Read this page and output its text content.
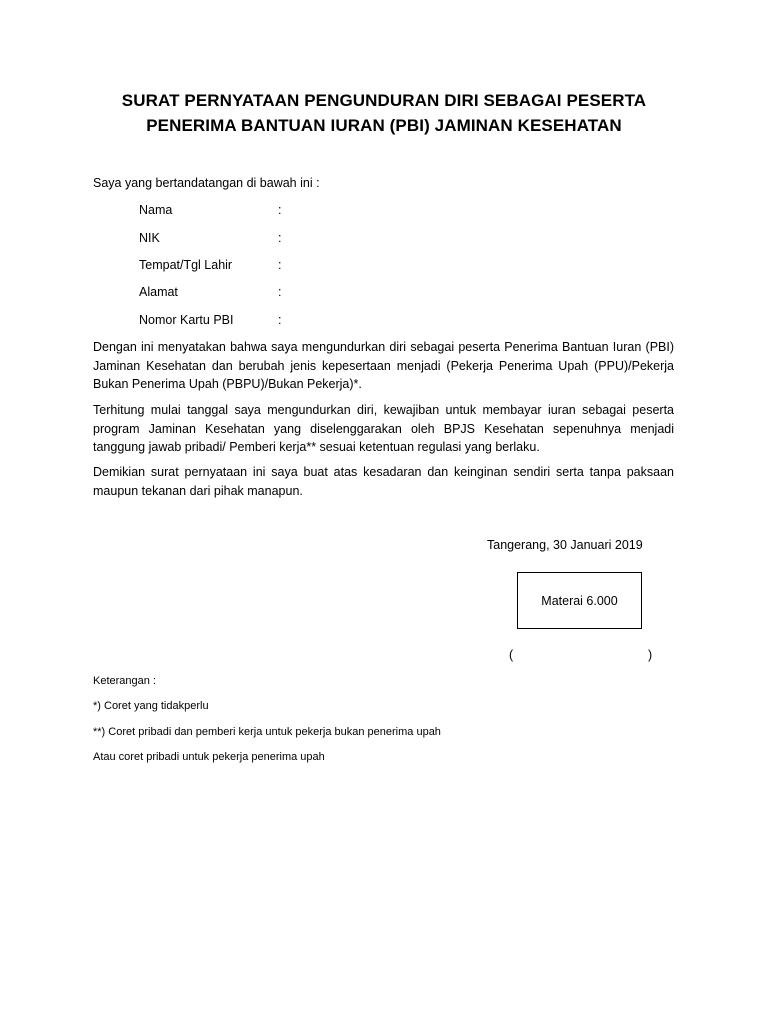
SURAT PERNYATAAN PENGUNDURAN DIRI SEBAGAI PESERTA
PENERIMA BANTUAN IURAN (PBI) JAMINAN KESEHATAN
Saya yang bertandatangan di bawah ini :
Nama	:
NIK	:
Tempat/Tgl Lahir	:
Alamat	:
Nomor Kartu PBI	:
Dengan ini menyatakan bahwa saya mengundurkan diri sebagai peserta Penerima Bantuan Iuran (PBI) Jaminan Kesehatan dan berubah jenis kepesertaan menjadi (Pekerja Penerima Upah (PPU)/Pekerja Bukan Penerima Upah (PBPU)/Bukan Pekerja)*.
Terhitung mulai tanggal saya mengundurkan diri, kewajiban untuk membayar iuran sebagai peserta program Jaminan Kesehatan yang diselenggarakan oleh BPJS Kesehatan sepenuhnya menjadi tanggung jawab pribadi/ Pemberi kerja** sesuai ketentuan regulasi yang berlaku.
Demikian surat pernyataan ini saya buat atas kesadaran dan keinginan sendiri serta tanpa paksaan maupun tekanan dari pihak manapun.
Tangerang, 30 Januari 2019
Materai 6.000
(	)
Keterangan :
*) Coret yang tidakperlu
**) Coret pribadi dan pemberi kerja untuk pekerja bukan penerima upah
Atau coret pribadi untuk pekerja penerima upah
